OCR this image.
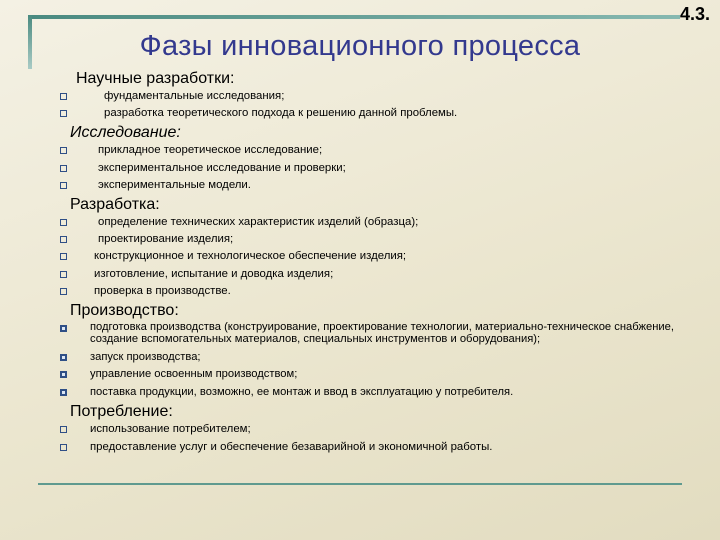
4.3.
Фазы инновационного процесса
Научные разработки:
фундаментальные исследования;
разработка теоретического подхода к решению данной проблемы.
Исследование:
прикладное теоретическое исследование;
экспериментальное исследование и проверки;
экспериментальные модели.
Разработка:
определение технических характеристик изделий (образца);
проектирование изделия;
конструкционное и технологическое обеспечение изделия;
изготовление, испытание и доводка изделия;
проверка в производстве.
Производство:
подготовка производства (конструирование, проектирование технологии, материально-техническое снабжение, создание вспомогательных материалов, специальных инструментов и оборудования);
запуск производства;
управление освоенным производством;
поставка продукции, возможно, ее монтаж и ввод в эксплуатацию у потребителя.
Потребление:
использование потребителем;
предоставление услуг и обеспечение безаварийной и экономичной работы.
